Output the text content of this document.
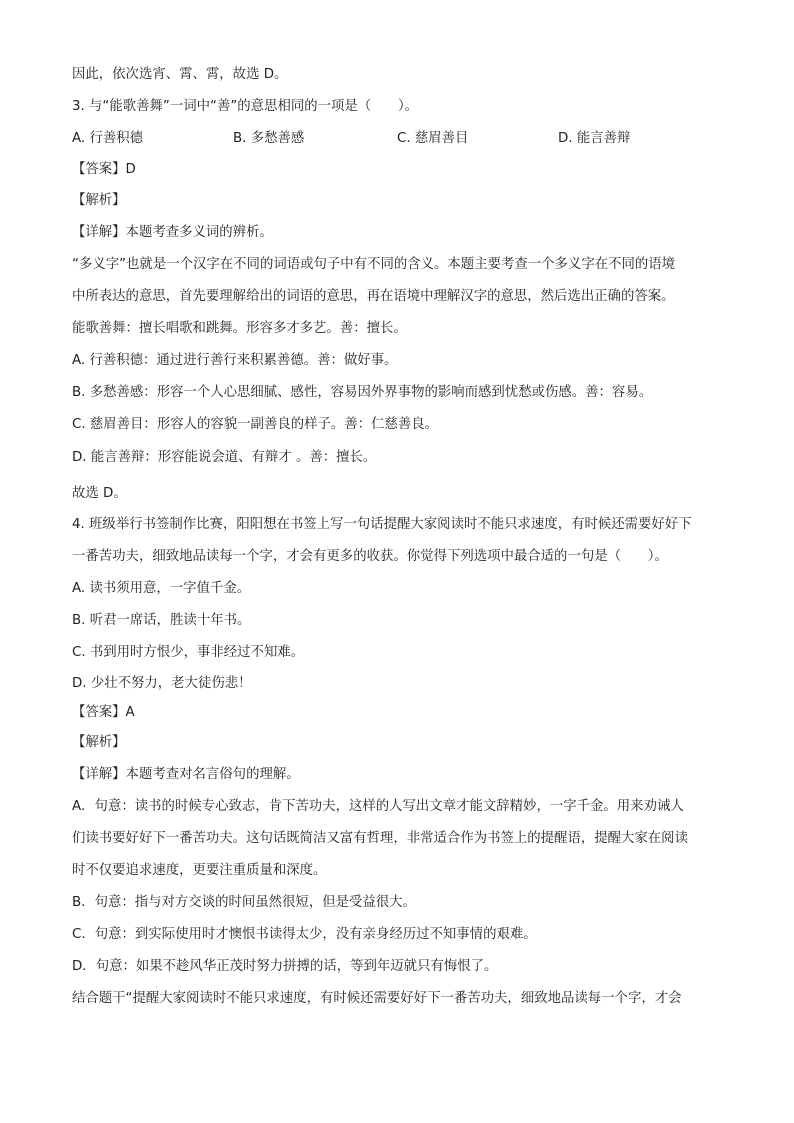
因此，依次选宵、霄、霄，故选 D。
3. 与“能歌善舞”一词中“善”的意思相同的一项是（　　）。
A. 行善积德	B. 多愁善感	C. 慈眉善目	D. 能言善辩
【答案】D
【解析】
【详解】本题考查多义词的辨析。
“多义字”也就是一个汉字在不同的词语或句子中有不同的含义。本题主要考查一个多义字在不同的语境
中所表达的意思，首先要理解给出的词语的意思，再在语境中理解汉字的意思，然后选出正确的答案。
能歌善舞：擅长唱歌和跳舞。形容多才多艺。善：擅长。
A. 行善积德：通过进行善行来积累善德。善：做好事。
B. 多愁善感：形容一个人心思细腻、感性，容易因外界事物的影响而感到忧愁或伤感。善：容易。
C. 慈眉善目：形容人的容貌一副善良的样子。善：仁慈善良。
D. 能言善辩：形容能说会道、有辩才 。善：擅长。
故选 D。
4. 班级举行书签制作比赛，阳阳想在书签上写一句话提醒大家阅读时不能只求速度，有时候还需要好好下
一番苦功夫，细致地品读每一个字，才会有更多的收获。你觉得下列选项中最合适的一句是（　　）。
A. 读书须用意，一字值千金。
B. 听君一席话，胜读十年书。
C. 书到用时方恨少，事非经过不知难。
D. 少壮不努力，老大徒伤悲！
【答案】A
【解析】
【详解】本题考查对名言俗句的理解。
A．句意：读书的时候专心致志，肯下苦功夫，这样的人写出文章才能文辞精妙，一字千金。用来劝诫人
们读书要好好下一番苦功夫。这句话既简洁又富有哲理，非常适合作为书签上的提醒语，提醒大家在阅读
时不仅要追求速度，更要注重质量和深度。
B．句意：指与对方交谈的时间虽然很短，但是受益很大。
C．句意：到实际使用时才懊恨书读得太少，没有亲身经历过不知事情的艰难。
D．句意：如果不趁风华正茂时努力拼搏的话，等到年迈就只有悔恨了。
结合题干“提醒大家阅读时不能只求速度，有时候还需要好好下一番苦功夫，细致地品读每一个字，才会
